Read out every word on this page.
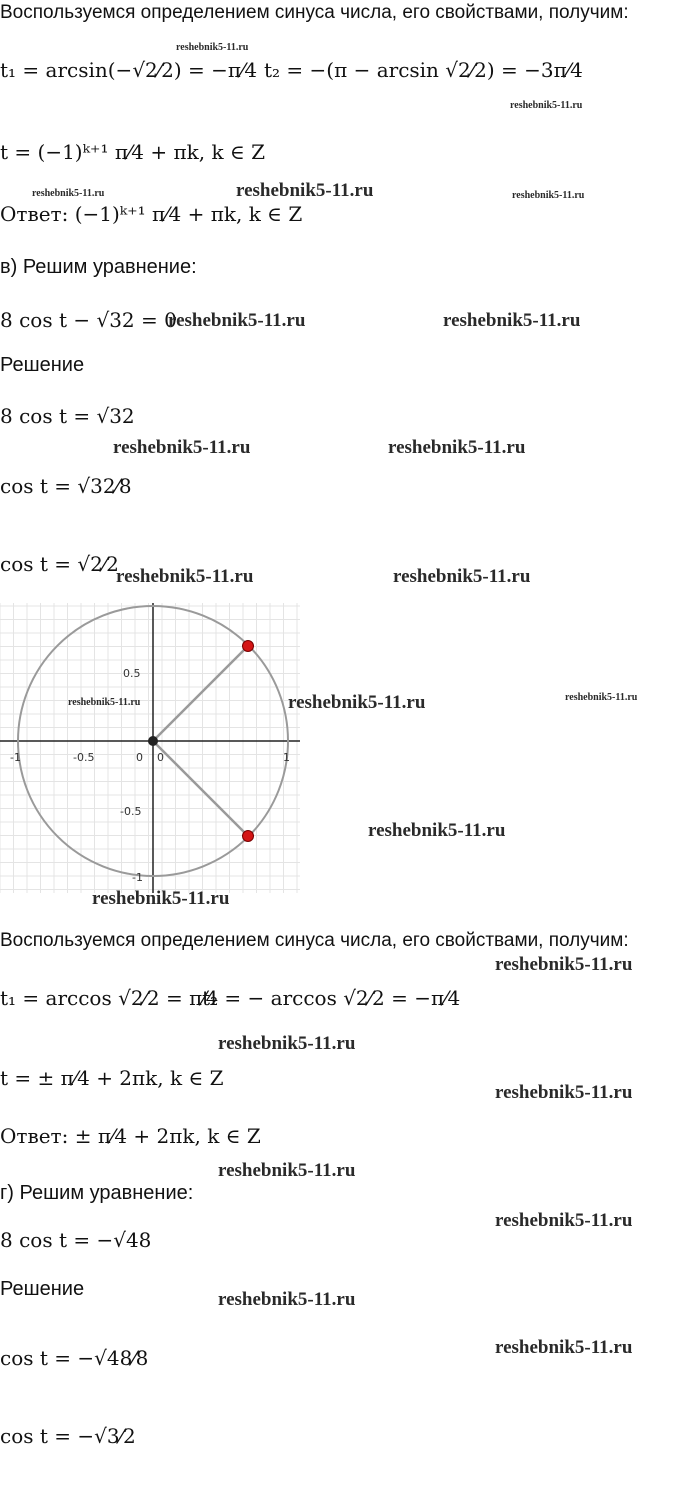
Воспользуемся определением синуса числа, его свойствами, получим:
t₁ = arcsin(−√2⁄2) = −π⁄4 t₂ = −(π − arcsin √2⁄2) = −3π⁄4
t = (−1)ᵏ⁺¹ π⁄4 + πk, k ∈ Z
Ответ: (−1)ᵏ⁺¹ π⁄4 + πk, k ∈ Z
в) Решим уравнение:
8 cos t − √32 = 0
Решение
8 cos t = √32
cos t = √32⁄8
cos t = √2⁄2
-1	-0.5	0 0	1
0.5
-0.5
-1
Воспользуемся определением синуса числа, его свойствами, получим:
t₁ = arccos √2⁄2 = π⁄4
t₂ = − arccos √2⁄2 = −π⁄4
t = ± π⁄4 + 2πk, k ∈ Z
Ответ: ± π⁄4 + 2πk, k ∈ Z
г) Решим уравнение:
8 cos t = −√48
Решение
cos t = −√48⁄8
cos t = −√3⁄2
reshebnik5-11.ru
reshebnik5-11.ru
reshebnik5-11.ru	reshebnik5-11.ru	reshebnik5-11.ru
reshebnik5-11.ru	reshebnik5-11.ru
reshebnik5-11.ru	reshebnik5-11.ru
reshebnik5-11.ru	reshebnik5-11.ru
reshebnik5-11.ru	reshebnik5-11.ru	reshebnik5-11.ru
reshebnik5-11.ru
reshebnik5-11.ru
reshebnik5-11.ru
reshebnik5-11.ru
reshebnik5-11.ru
reshebnik5-11.ru
reshebnik5-11.ru
reshebnik5-11.ru
reshebnik5-11.ru
